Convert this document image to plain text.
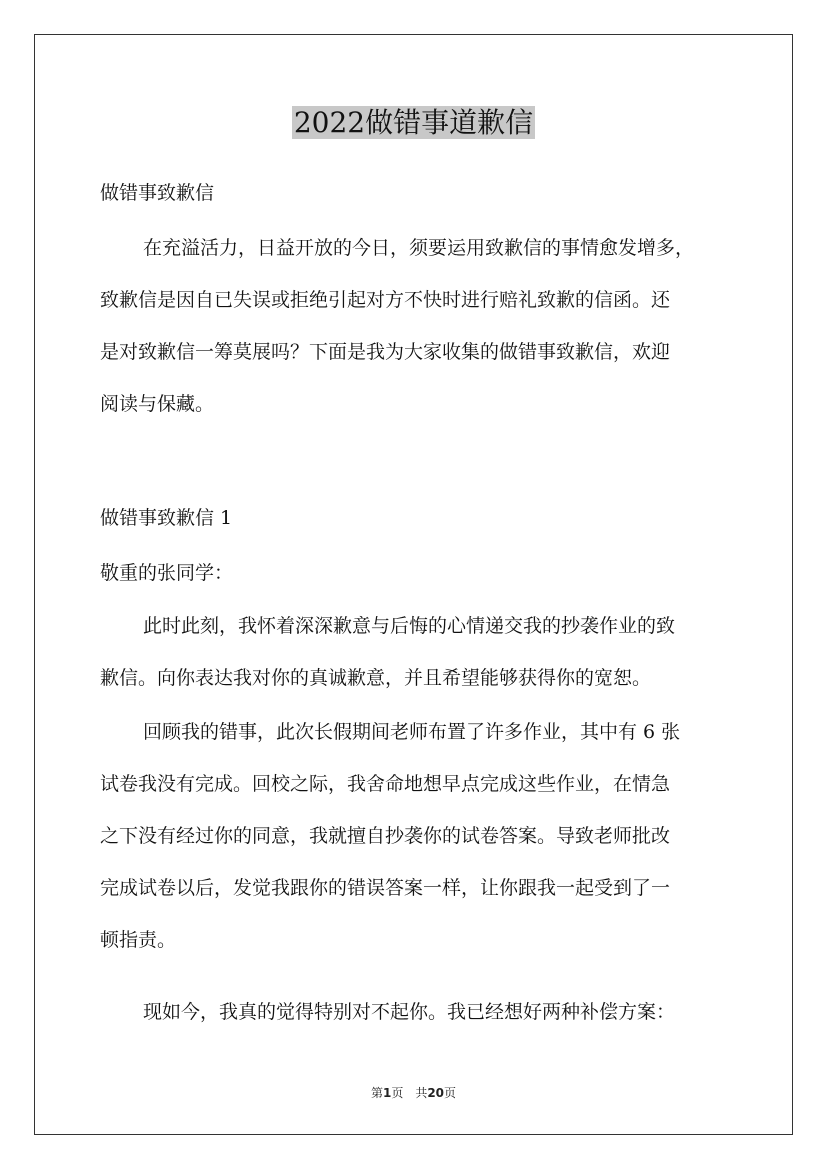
2022做错事道歉信
做错事致歉信
在充溢活力，日益开放的今日，须要运用致歉信的事情愈发增多，
致歉信是因自已失误或拒绝引起对方不快时进行赔礼致歉的信函。还
是对致歉信一筹莫展吗？下面是我为大家收集的做错事致歉信，欢迎
阅读与保藏。
做错事致歉信 1
敬重的张同学：
此时此刻，我怀着深深歉意与后悔的心情递交我的抄袭作业的致
歉信。向你表达我对你的真诚歉意，并且希望能够获得你的宽恕。
回顾我的错事，此次长假期间老师布置了许多作业，其中有 6 张
试卷我没有完成。回校之际，我舍命地想早点完成这些作业，在情急
之下没有经过你的同意，我就擅自抄袭你的试卷答案。导致老师批改
完成试卷以后，发觉我跟你的错误答案一样，让你跟我一起受到了一
顿指责。
现如今，我真的觉得特别对不起你。我已经想好两种补偿方案：
第1页　共20页
